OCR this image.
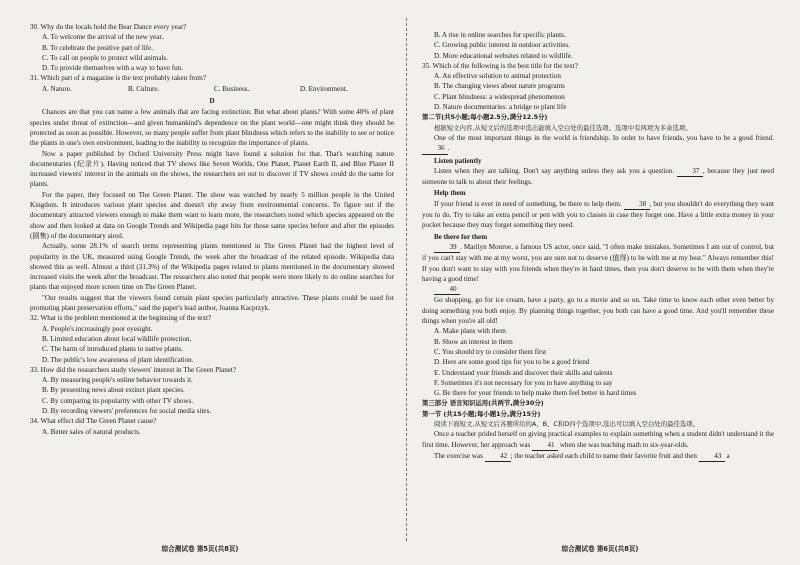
30. Why do the locals hold the Bear Dance every year?

A. To welcome the arrival of the new year.

B. To celebrate the positive part of life.

C. To call on people to protect wild animals.

D. To provide themselves with a way to have fun.

31. Which part of a magazine is the text probably taken from?

A. Nature.	B. Culture.	C. Business.	D. Environment.

D

Chances are that you can name a few animals that are facing extinction. But what about plants? With some 40% of plant species under threat of extinction—and given humankind's dependence on the plant world—one might think they should be protected as soon as possible. However, so many people suffer from plant blindness which refers to the inability to see or notice the plants in one's own environment, leading to the inability to recognize the importance of plants.

Now a paper published by Oxford University Press might have found a solution for that. That's watching nature documentaries (纪录片). Having noticed that TV shows like Seven Worlds, One Planet, Planet Earth II, and Blue Planet II increased viewers' interest in the animals on the shows, the researchers set out to discover if TV shows could do the same for plants.

For the paper, they focused on The Green Planet. The show was watched by nearly 5 million people in the United Kingdom. It introduces various plant species and doesn't shy away from environmental concerns. To figure out if the documentary attracted viewers enough to make them want to learn more, the researchers noted which species appeared on the show and then looked at data on Google Trends and Wikipedia page hits for those same species before and after the episodes (剧集) of the documentary aired.

Actually, some 28.1% of search terms representing plants mentioned in The Green Planet had the highest level of popularity in the UK, measured using Google Trends, the week after the broadcast of the related episode. Wikipedia data showed this as well. Almost a third (31.3%) of the Wikipedia pages related to plants mentioned in the documentary showed increased visits the week after the broadcast. The researchers also noted that people were more likely to do online searches for plants that enjoyed more screen time on The Green Planet.

"Our results suggest that the viewers found certain plant species particularly attractive. These plants could be used for promoting plant preservation efforts," said the paper's lead author, Joanna Kacprzyk.

32. What is the problem mentioned at the beginning of the text?

A. People's increasingly poor eyesight.

B. Limited education about local wildlife protection.

C. The harm of introduced plants to native plants.

D. The public's low awareness of plant identification.

33. How did the researchers study viewers' interest in The Green Planet?

A. By measuring people's online behavior towards it.

B. By presenting news about extinct plant species.

C. By comparing its popularity with other TV shows.

D. By recording viewers' preferences for social media sites.

34. What effect did The Green Planet cause?

A. Better sales of natural products.

B. A rise in online searches for specific plants.

C. Growing public interest in outdoor activities.

D. More educational websites related to wildlife.

35. Which of the following is the best title for the text?

A. An effective solution to animal protection

B. The changing views about nature programs

C. Plant blindness: a widespread phenomenon

D. Nature documentaries: a bridge to plant life

第二节(共5小题;每小题2.5分,满分12.5分)

根据短文内容,从短文后的选项中选出能填入空白处的最佳选项。选项中有两项为多余选项。

One of the most important things in the world is friendship. In order to have friends, you have to be a good friend. 36 .

Listen patiently

Listen when they are talking. Don't say anything unless they ask you a question.	37 , because they just need someone to talk to about their feelings.

Help them

If your friend is ever in need of something, be there to help them. 38 , but you shouldn't do everything they want you to do. Try to take an extra pencil or pen with you to classes in case they forget one. Have a little extra money in your pocket because they may forget something they need.

Be there for them

39 . Marilyn Monroe, a famous US actor, once said, "I often make mistakes. Sometimes I am out of control, but if you can't stay with me at my worst, you are sure not to deserve (值得) to be with me at my best." Always remember this! If you don't want to stay with you friends when they're in hard times, then you don't deserve to be with them when they're having a good time!

40

Go shopping, go for ice cream, have a party, go to a movie and so on. Take time to know each other even better by doing something you both enjoy. By planning things together, you both can have a good time. And you'll remember these things when you're all old!

A. Make plans with them

B. Show an interest in them

C. You should try to consider them first

D. Here are some good tips for you to be a good friend

E. Understand your friends and discover their skills and talents

F. Sometimes it's not necessary for you to have anything to say

G. Be there for your friends to help make them feel better in hard times

第三部分 语言知识运用(共两节,满分30分)

第一节 (共15小题;每小题1分,满分15分)

阅读下面短文,从短文后各题所给的A、B、C和D四个选项中,选出可以填入空白处的最佳选项。

Once a teacher prided herself on giving practical examples to explain something when a student didn't understand it the first time. However, her approach was 41 when she was teaching math to six-year-olds.

The exercise was 42 ; the teacher asked each child to name their favorite fruit and then 43 a

综合测试卷 第5页(共8页)	综合测试卷 第6页(共8页)
